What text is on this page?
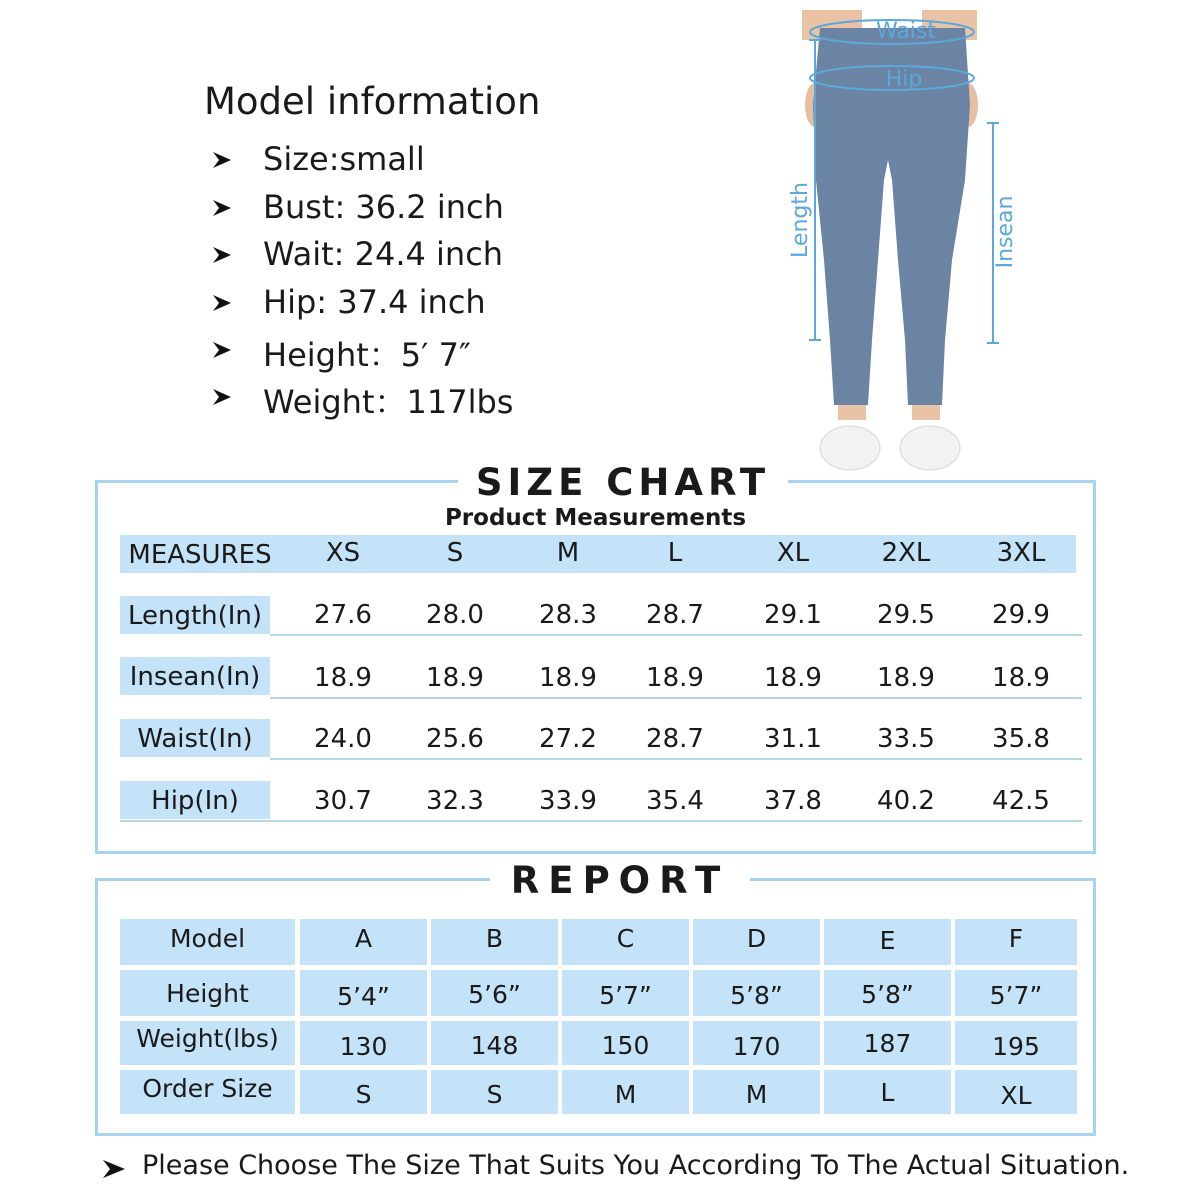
Model information
Size:small
Bust: 36.2 inch
Wait: 24.4 inch
Hip: 37.4 inch
Height：5′ 7″
Weight：117lbs
Waist
Hip
Length	Insean
SIZE CHART
Product Measurements
MEASURES	XS	S	M	L	XL	2XL	3XL
Length(In)	27.6	28.0	28.3	28.7	29.1	29.5	29.9
Insean(In)	18.9	18.9	18.9	18.9	18.9	18.9	18.9
Waist(In)	24.0	25.6	27.2	28.7	31.1	33.5	35.8
Hip(In)	30.7	32.3	33.9	35.4	37.8	40.2	42.5
REPORT
Model	A	B	C	D	E	F
Height	5’4”	5’6”	5’7”	5’8”	5’8”	5’7”
Weight(lbs)	130	148	150	170	187	195
Order Size	S	S	M	M	L	XL
Please Choose The Size That Suits You According To The Actual Situation.
